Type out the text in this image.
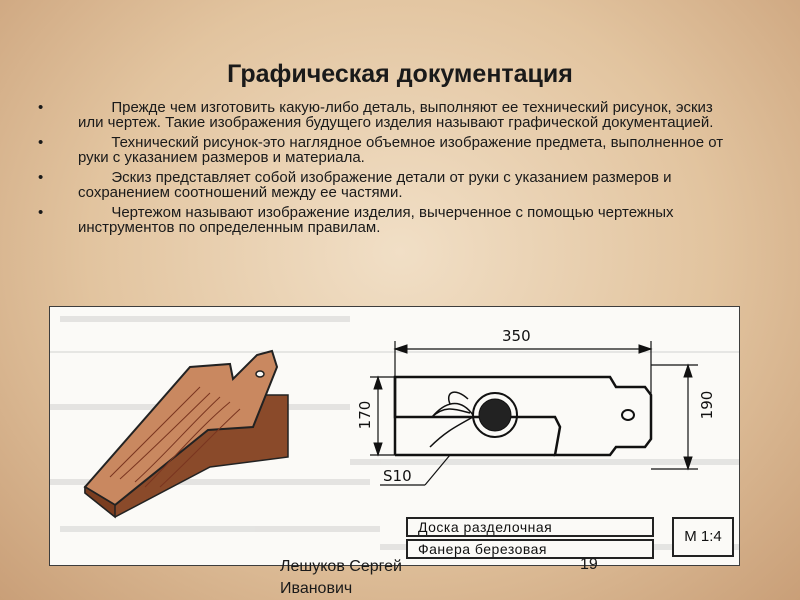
Графическая документация
• Прежде чем изготовить какую-либо деталь, выполняют ее технический рисунок, эскиз или чертеж. Такие изображения будущего изделия называют графической документацией.
• Технический рисунок-это наглядное объемное изображение предмета, выполненное от руки с указанием размеров и материала.
• Эскиз представляет собой изображение детали от руки с указанием размеров и сохранением соотношений между ее частями.
• Чертежом называют изображение изделия, вычерченное с помощью чертежных инструментов по определенным правилам.
350
190
170
S10
Доска разделочная
Фанера березовая
М 1:4
Лешуков Сергей Иванович
19
